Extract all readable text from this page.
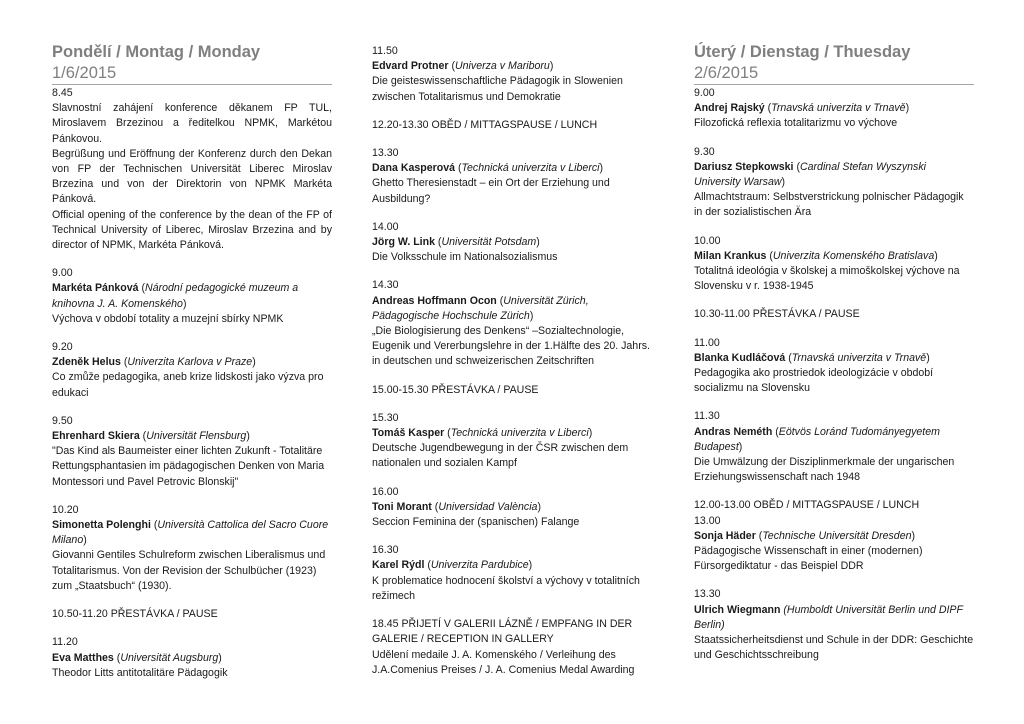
Pondělí / Montag / Monday
1/6/2015
8.45
Slavnostní zahájení konference děkanem FP TUL, Miroslavem Brzezinou a ředitelkou NPMK, Markétou Pánkovou.
Begrüßung und Eröffnung der Konferenz durch den Dekan von FP der Technischen Universität Liberec Miroslav Brzezina und von der Direktorin von NPMK Markéta Pánková.
Official opening of the conference by the dean of the FP of Technical University of Liberec, Miroslav Brzezina and by director of NPMK, Markéta Pánková.
9.00
Markéta Pánková (Národní pedagogické muzeum a knihovna J. A. Komenského)
Výchova v období totality a muzejní sbírky NPMK
9.20
Zdeněk Helus (Univerzita Karlova v Praze)
Co zmůže pedagogika, aneb krize lidskosti jako výzva pro edukaci
9.50
Ehrenhard Skiera (Universität Flensburg)
"Das Kind als Baumeister einer lichten Zukunft - Totalitäre Rettungsphantasien im pädagogischen Denken von Maria Montessori und Pavel Petrovic Blonskij"
10.20
Simonetta Polenghi (Università Cattolica del Sacro Cuore Milano)
Giovanni Gentiles Schulreform zwischen Liberalismus und Totalitarismus. Von der Revision der Schulbücher (1923) zum „Staatsbuch“ (1930).
10.50-11.20 PŘESTÁVKA / PAUSE
11.20
Eva Matthes (Universität Augsburg)
Theodor Litts antitotalitäre Pädagogik
11.50
Edvard Protner (Univerza v Mariboru)
Die geisteswissenschaftliche Pädagogik in Slowenien zwischen Totalitarismus und Demokratie
12.20-13.30 OBĚD / MITTAGSPAUSE / LUNCH
13.30
Dana Kasperová (Technická univerzita v Liberci)
Ghetto Theresienstadt – ein Ort der Erziehung und Ausbildung?
14.00
Jörg W. Link (Universität Potsdam)
Die Volksschule im Nationalsozialismus
14.30
Andreas Hoffmann Ocon (Universität Zürich, Pädagogische Hochschule Zürich)
„Die Biologisierung des Denkens“ –Sozialtechnologie, Eugenik und Vererbungslehre in der 1.Hälfte des 20. Jahrs. in deutschen und schweizerischen Zeitschriften
15.00-15.30 PŘESTÁVKA / PAUSE
15.30
Tomáš Kasper (Technická univerzita v Liberci)
Deutsche Jugendbewegung in der ČSR zwischen dem nationalen und sozialen Kampf
16.00
Toni Morant (Universidad València)
Seccion Feminina der (spanischen) Falange
16.30
Karel Rýdl (Univerzita Pardubice)
K problematice hodnocení školství a výchovy v totalitních režimech
18.45 PŘIJETÍ V GALERII LÁZNĚ / EMPFANG IN DER GALERIE / RECEPTION IN GALLERY
Udělení medaile J. A. Komenského / Verleihung des J.A.Comenius Preises / J. A. Comenius Medal Awarding
Úterý / Dienstag / Thuesday
2/6/2015
9.00
Andrej Rajský (Trnavská univerzita v Trnavě)
Filozofická reflexia totalitarizmu vo výchove
9.30
Dariusz Stepkowski (Cardinal Stefan Wyszynski University Warsaw)
Allmachtstraum: Selbstverstrickung polnischer Pädagogik in der sozialistischen Ära
10.00
Milan Krankus (Univerzita Komenského Bratislava)
Totalitná ideológia v školskej a mimoškolskej výchove na Slovensku v r. 1938-1945
10.30-11.00 PŘESTÁVKA / PAUSE
11.00
Blanka Kudláčová (Trnavská univerzita v Trnavě)
Pedagogika ako prostriedok ideologizácie v období socializmu na Slovensku
11.30
Andras Neméth (Eötvös Loránd Tudományegyetem Budapest)
Die Umwälzung der Disziplinmerkmale der ungarischen Erziehungswissenschaft nach 1948
12.00-13.00 OBĚD / MITTAGSPAUSE / LUNCH
13.00
Sonja Häder (Technische Universität Dresden)
Pädagogische Wissenschaft in einer (modernen) Fürsorgediktatur - das Beispiel DDR
13.30
Ulrich Wiegmann (Humboldt Universität Berlin und DIPF Berlin)
Staatssicherheitsdienst und Schule in der DDR: Geschichte und Geschichtsschreibung
